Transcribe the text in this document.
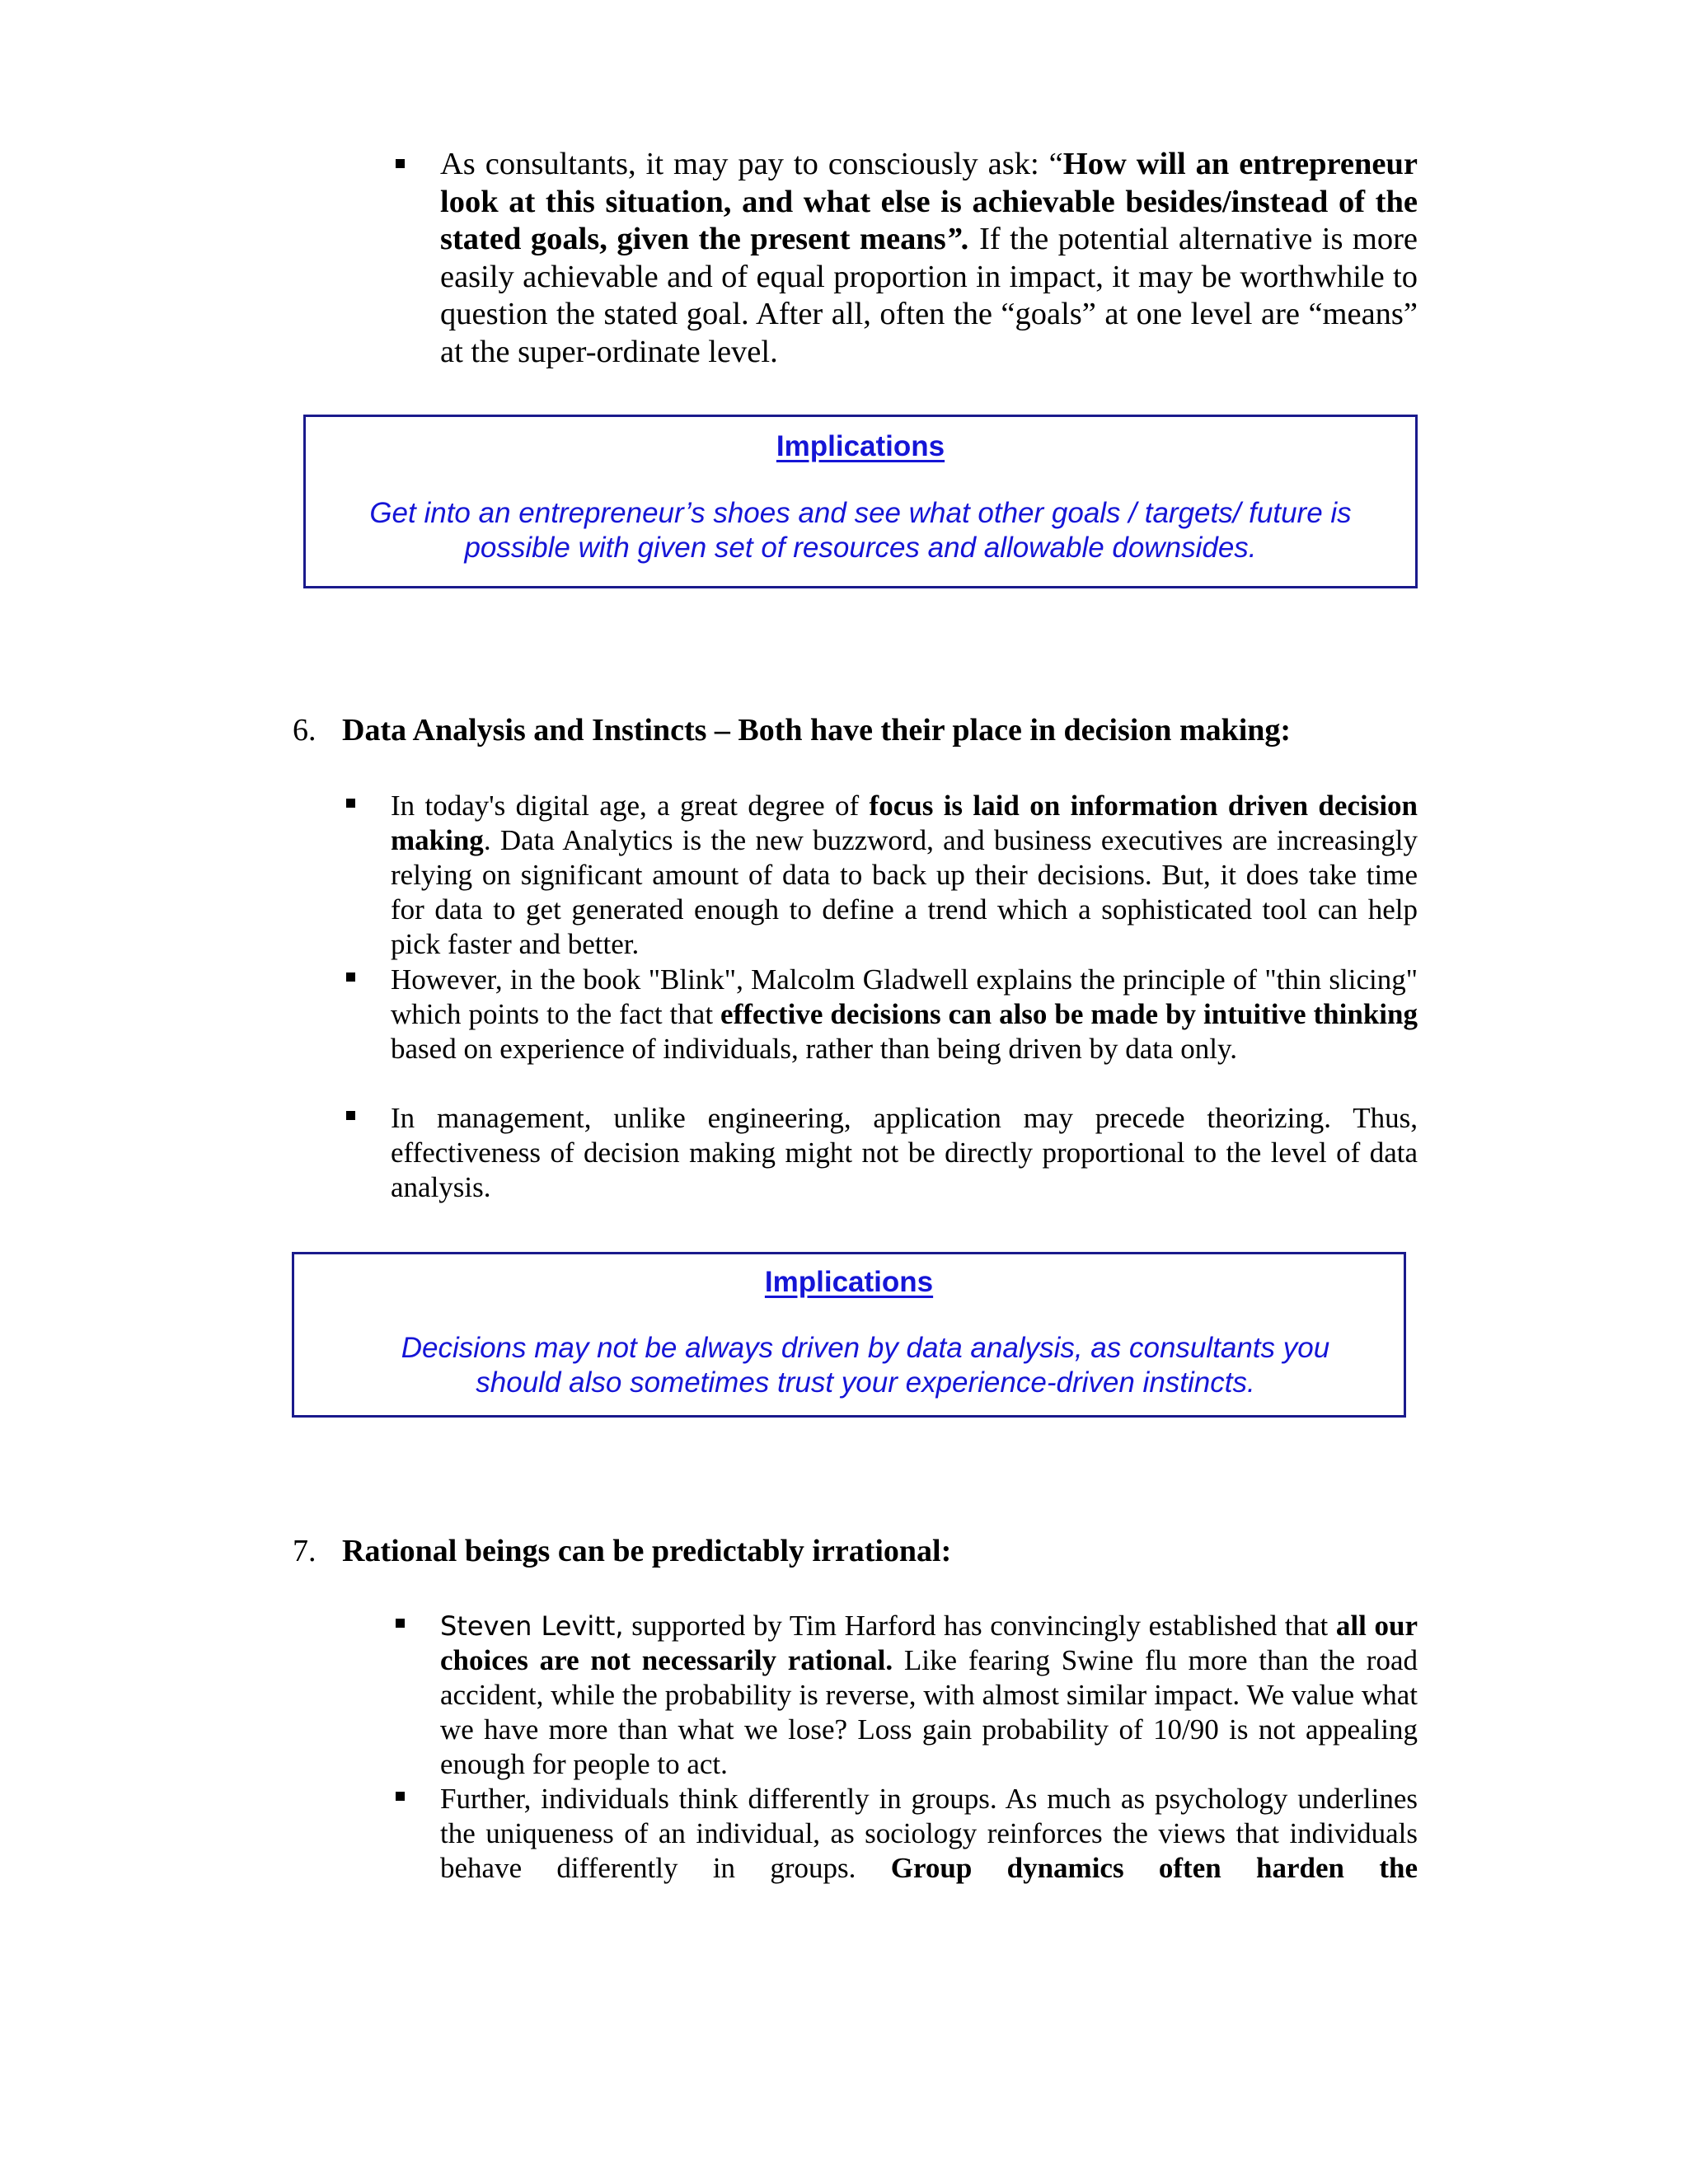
As consultants, it may pay to consciously ask: “How will an entrepreneur look at this situation, and what else is achievable besides/instead of the stated goals, given the present means”. If the potential alternative is more easily achievable and of equal proportion in impact, it may be worthwhile to question the stated goal. After all, often the “goals” at one level are “means” at the super-ordinate level.
Implications
Get into an entrepreneur’s shoes and see what other goals / targets/ future is
possible with given set of resources and allowable downsides.
6. Data Analysis and Instincts – Both have their place in decision making:
In today's digital age, a great degree of focus is laid on information driven decision making. Data Analytics is the new buzzword, and business executives are increasingly relying on significant amount of data to back up their decisions. But, it does take time for data to get generated enough to define a trend which a sophisticated tool can help pick faster and better.
However, in the book "Blink", Malcolm Gladwell explains the principle of "thin slicing" which points to the fact that effective decisions can also be made by intuitive thinking based on experience of individuals, rather than being driven by data only.
In management, unlike engineering, application may precede theorizing. Thus, effectiveness of decision making might not be directly proportional to the level of data analysis.
Implications
Decisions may not be always driven by data analysis, as consultants you
should also sometimes trust your experience-driven instincts.
7. Rational beings can be predictably irrational:
Steven Levitt, supported by Tim Harford has convincingly established that all our choices are not necessarily rational. Like fearing Swine flu more than the road accident, while the probability is reverse, with almost similar impact. We value what we have more than what we lose? Loss gain probability of 10/90 is not appealing enough for people to act.
Further, individuals think differently in groups. As much as psychology underlines the uniqueness of an individual, as sociology reinforces the views that individuals behave differently in groups. Group dynamics often harden the
